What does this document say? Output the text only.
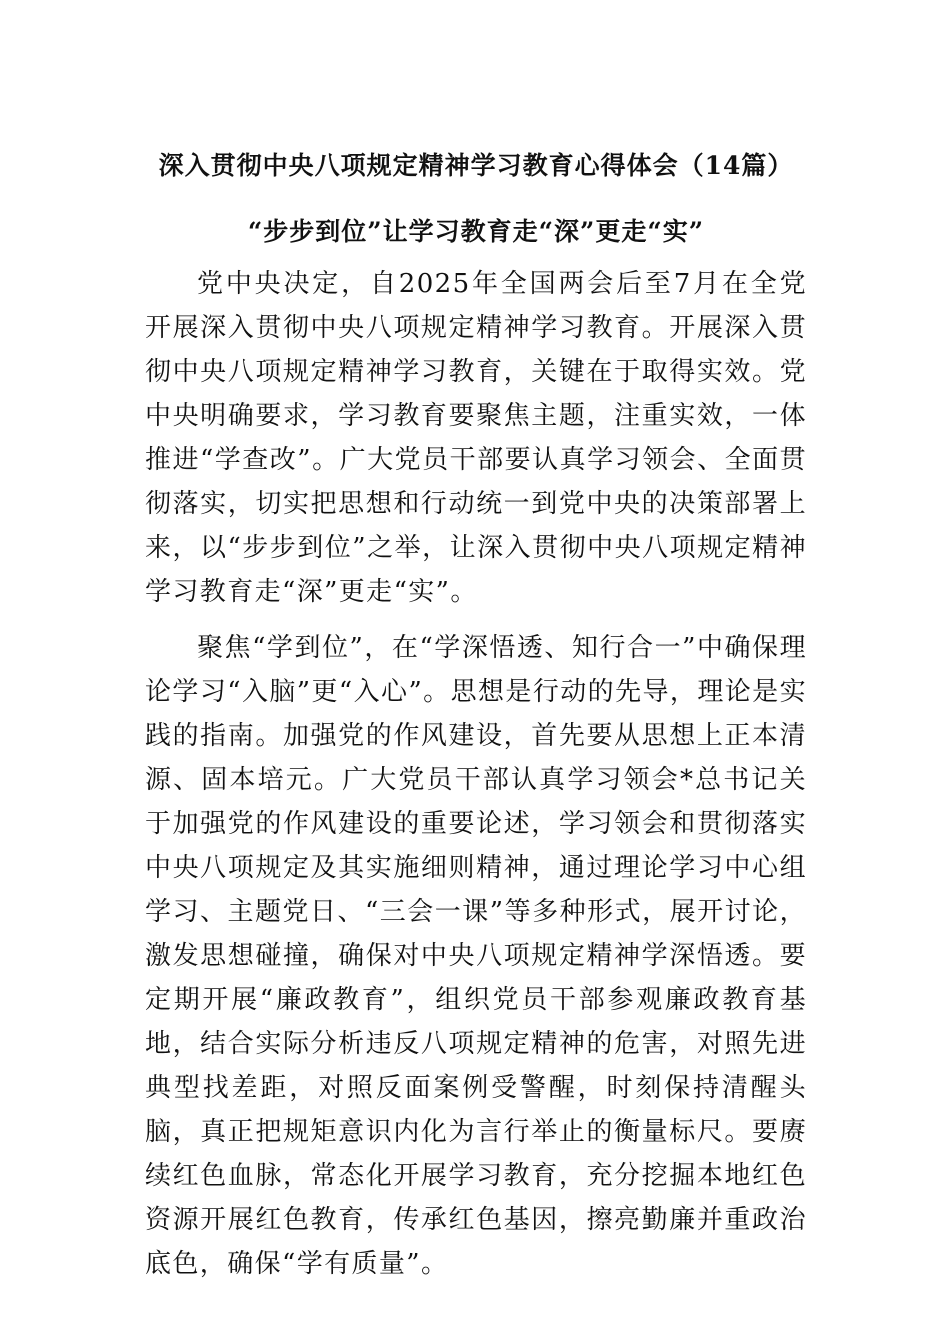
深入贯彻中央八项规定精神学习教育心得体会（14篇）
“步步到位”让学习教育走“深”更走“实”

党中央决定，自2025年全国两会后至7月在全党开展深入贯彻中央八项规定精神学习教育。开展深入贯彻中央八项规定精神学习教育，关键在于取得实效。党中央明确要求，学习教育要聚焦主题，注重实效，一体推进“学查改”。广大党员干部要认真学习领会、全面贯彻落实，切实把思想和行动统一到党中央的决策部署上来，以“步步到位”之举，让深入贯彻中央八项规定精神学习教育走“深”更走“实”。

聚焦“学到位”，在“学深悟透、知行合一”中确保理论学习“入脑”更“入心”。思想是行动的先导，理论是实践的指南。加强党的作风建设，首先要从思想上正本清源、固本培元。广大党员干部认真学习领会*总书记关于加强党的作风建设的重要论述，学习领会和贯彻落实中央八项规定及其实施细则精神，通过理论学习中心组学习、主题党日、“三会一课”等多种形式，展开讨论，激发思想碰撞，确保对中央八项规定精神学深悟透。要定期开展“廉政教育”，组织党员干部参观廉政教育基地，结合实际分析违反八项规定精神的危害，对照先进典型找差距，对照反面案例受警醒，时刻保持清醒头脑，真正把规矩意识内化为言行举止的衡量标尺。要赓续红色血脉，常态化开展学习教育，充分挖掘本地红色资源开展红色教育，传承红色基因，擦亮勤廉并重政治底色，确保“学有质量”。
